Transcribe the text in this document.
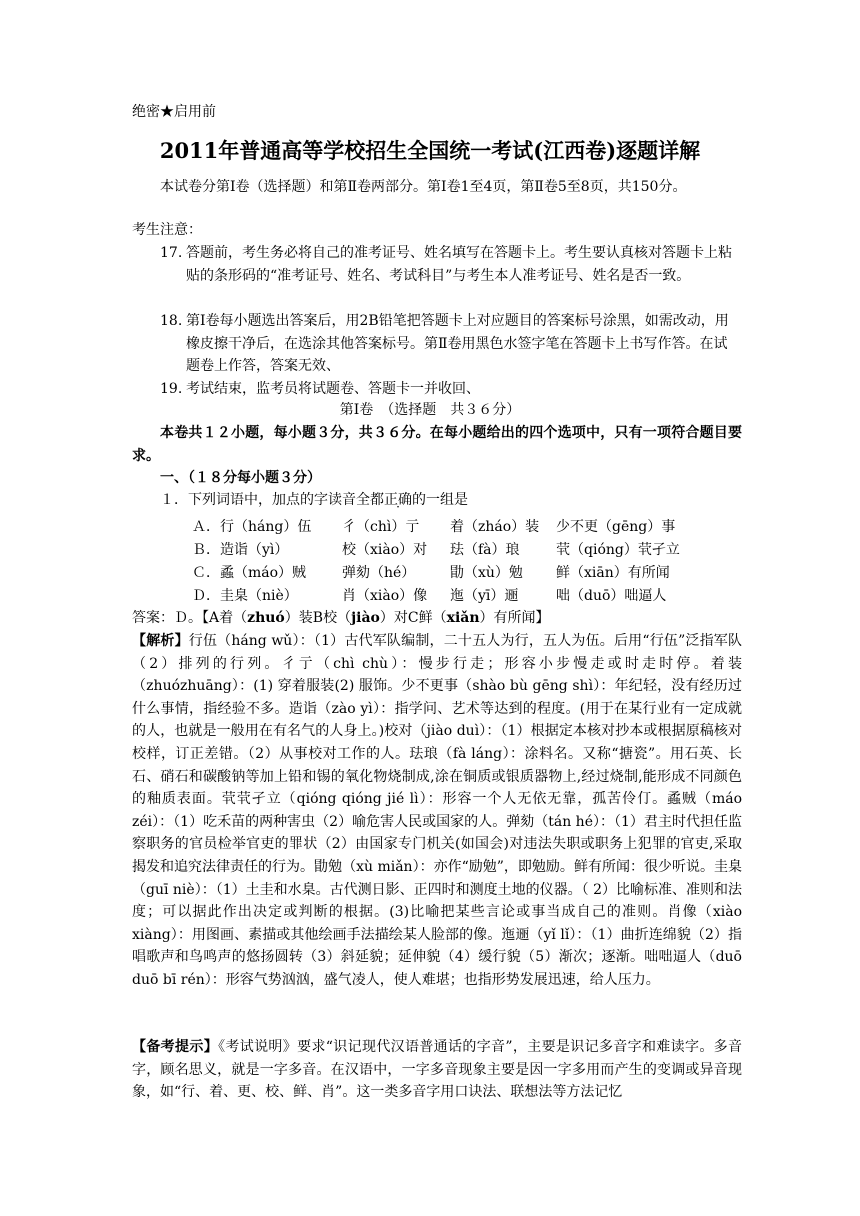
绝密★启用前
2011年普通高等学校招生全国统一考试(江西卷)逐题详解
本试卷分第Ⅰ卷（选择题）和第Ⅱ卷两部分。第Ⅰ卷1至4页，第Ⅱ卷5至8页，共150分。
考生注意：
17. 答题前，考生务必将自己的准考证号、姓名填写在答题卡上。考生要认真核对答题卡上粘贴的条形码的“准考证号、姓名、考试科目”与考生本人准考证号、姓名是否一致。
18. 第Ⅰ卷每小题选出答案后，用2B铅笔把答题卡上对应题目的答案标号涂黑，如需改动，用橡皮擦干净后，在选涂其他答案标号。第Ⅱ卷用黑色水签字笔在答题卡上书写作答。在试题卷上作答，答案无效、
19. 考试结束，监考员将试题卷、答题卡一并收回、
第Ⅰ卷　（选择题　共３６分）
本卷共１２小题，每小题３分，共３６分。在每小题给出的四个选项中，只有一项符合题目要求。
一、（１８分每小题３分）
１．下列词语中，加点的字读音全都正确的一组是
Ａ．行（háng）伍 彳（chì）亍 着（zháo）装 少不更（gēng）事
Ｂ．造诣（yì）	校（xiào）对 珐（fà）琅	茕（qióng）茕孑立
Ｃ．蟊（máo）贼	弹劾（hé） 勖（xù）勉 鲜（xiān）有所闻
Ｄ．圭臬（niè）	肖（xiào）像 迤（yī）逦	咄（duō）咄逼人
答案：Ｄ。【A着（zhuó）装B校（jiào）对C鲜（xiǎn）有所闻】
【解析】行伍（háng wǔ）：（1）古代军队编制，二十五人为行，五人为伍。后用“行伍”泛指军队（2）排列的行列。彳亍（chì chù）：慢步行走；形容小步慢走或时走时停。着装（zhuózhuāng）：(1) 穿着服装(2) 服饰。少不更事（shào bù gēng shì）：年纪轻，没有经历过什么事情，指经验不多。造诣（zào yì）：指学问、艺术等达到的程度。(用于在某行业有一定成就的人，也就是一般用在有名气的人身上。)校对（jiào duì）：（1）根据定本核对抄本或根据原稿核对校样，订正差错。（2）从事校对工作的人。珐琅（fà láng）：涂料名。又称“搪瓷”。用石英、长石、硝石和碳酸钠等加上铅和锡的氧化物烧制成,涂在铜质或银质器物上,经过烧制,能形成不同颜色的釉质表面。茕茕孑立（qióng qióng jié lì）：形容一个人无依无靠，孤苦伶仃。蟊贼（máo zéi）：（1）吃禾苗的两种害虫（2）喻危害人民或国家的人。弹劾（tán hé）：（1）君主时代担任监察职务的官员检举官吏的罪状（2）由国家专门机关(如国会)对违法失职或职务上犯罪的官吏,采取揭发和追究法律责任的行为。勖勉（xù miǎn）：亦作“励勉”，即勉励。鲜有所闻：很少听说。圭臬（guī niè）：（1）土圭和水臬。古代测日影、正四时和测度土地的仪器。（ 2）比喻标准、准则和法度；可以据此作出决定或判断的根据。(3)比喻把某些言论或事当成自己的准则。肖像（xiào xiàng）：用图画、素描或其他绘画手法描绘某人脸部的像。迤逦（yǐ lǐ）：（1）曲折连绵貌（2）指唱歌声和鸟鸣声的悠扬圆转（3）斜延貌；延伸貌（4）缓行貌（5）渐次；逐渐。咄咄逼人（duō duō bī rén）：形容气势汹汹，盛气凌人，使人难堪；也指形势发展迅速，给人压力。
【备考提示】《考试说明》要求“识记现代汉语普通话的字音”，主要是识记多音字和难读字。多音字，顾名思义，就是一字多音。在汉语中，一字多音现象主要是因一字多用而产生的变调或异音现象，如“行、着、更、校、鲜、肖”。这一类多音字用口诀法、联想法等方法记忆
